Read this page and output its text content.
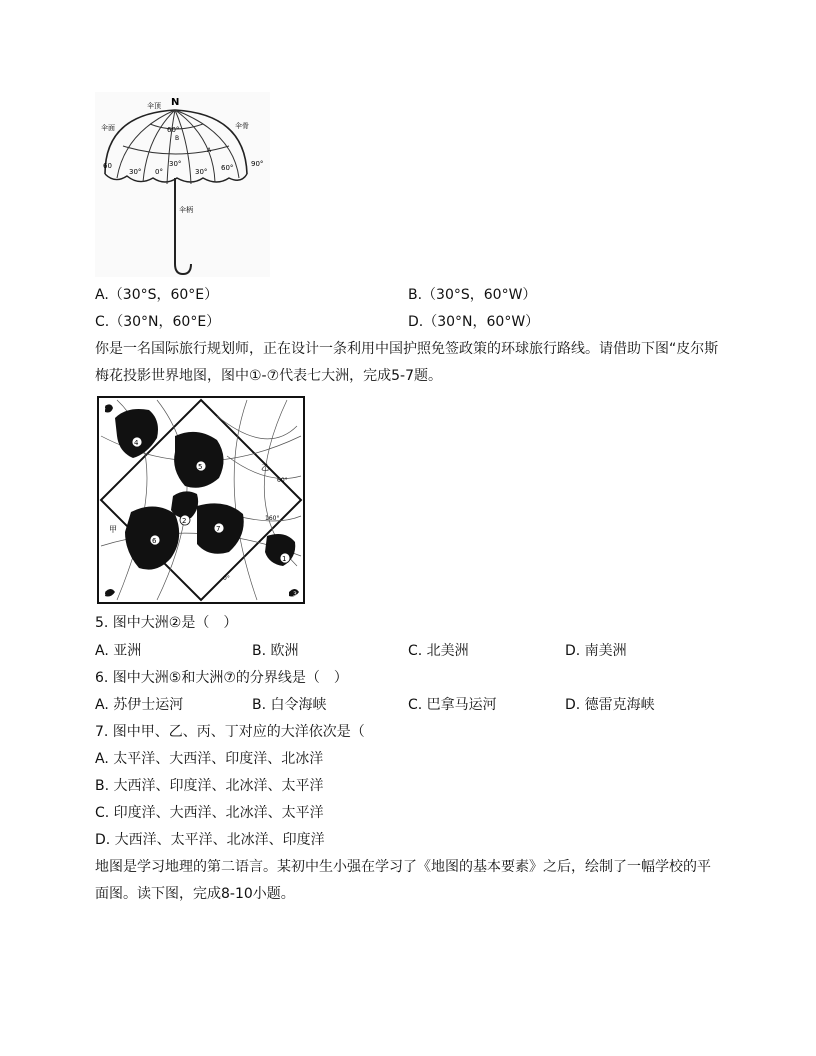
N
伞顶
伞面	伞骨
伞柄
60°
30°
0°
30°	30° 60°	90°
60
B
A
A.（30°S，60°E）	B.（30°S，60°W）
C.（30°N，60°E）	D.（30°N，60°W）
你是一名国际旅行规划师，正在设计一条利用中国护照免签政策的环球旅行路线。请借助下图“皮尔斯梅花投影世界地图，图中①-⑦代表七大洲，完成5-7题。
4
5
2
7
6
1
3
3	3
甲
乙
160°
60°
0°
5. 图中大洲②是（　）
A. 亚洲	B. 欧洲	C. 北美洲	D. 南美洲
6. 图中大洲⑤和大洲⑦的分界线是（　）
A. 苏伊士运河	B. 白令海峡	C. 巴拿马运河	D. 德雷克海峡
7. 图中甲、乙、丙、丁对应的大洋依次是（
A. 太平洋、大西洋、印度洋、北冰洋
B. 大西洋、印度洋、北冰洋、太平洋
C. 印度洋、大西洋、北冰洋、太平洋
D. 大西洋、太平洋、北冰洋、印度洋
地图是学习地理的第二语言。某初中生小强在学习了《地图的基本要素》之后，绘制了一幅学校的平面图。读下图，完成8-10小题。
